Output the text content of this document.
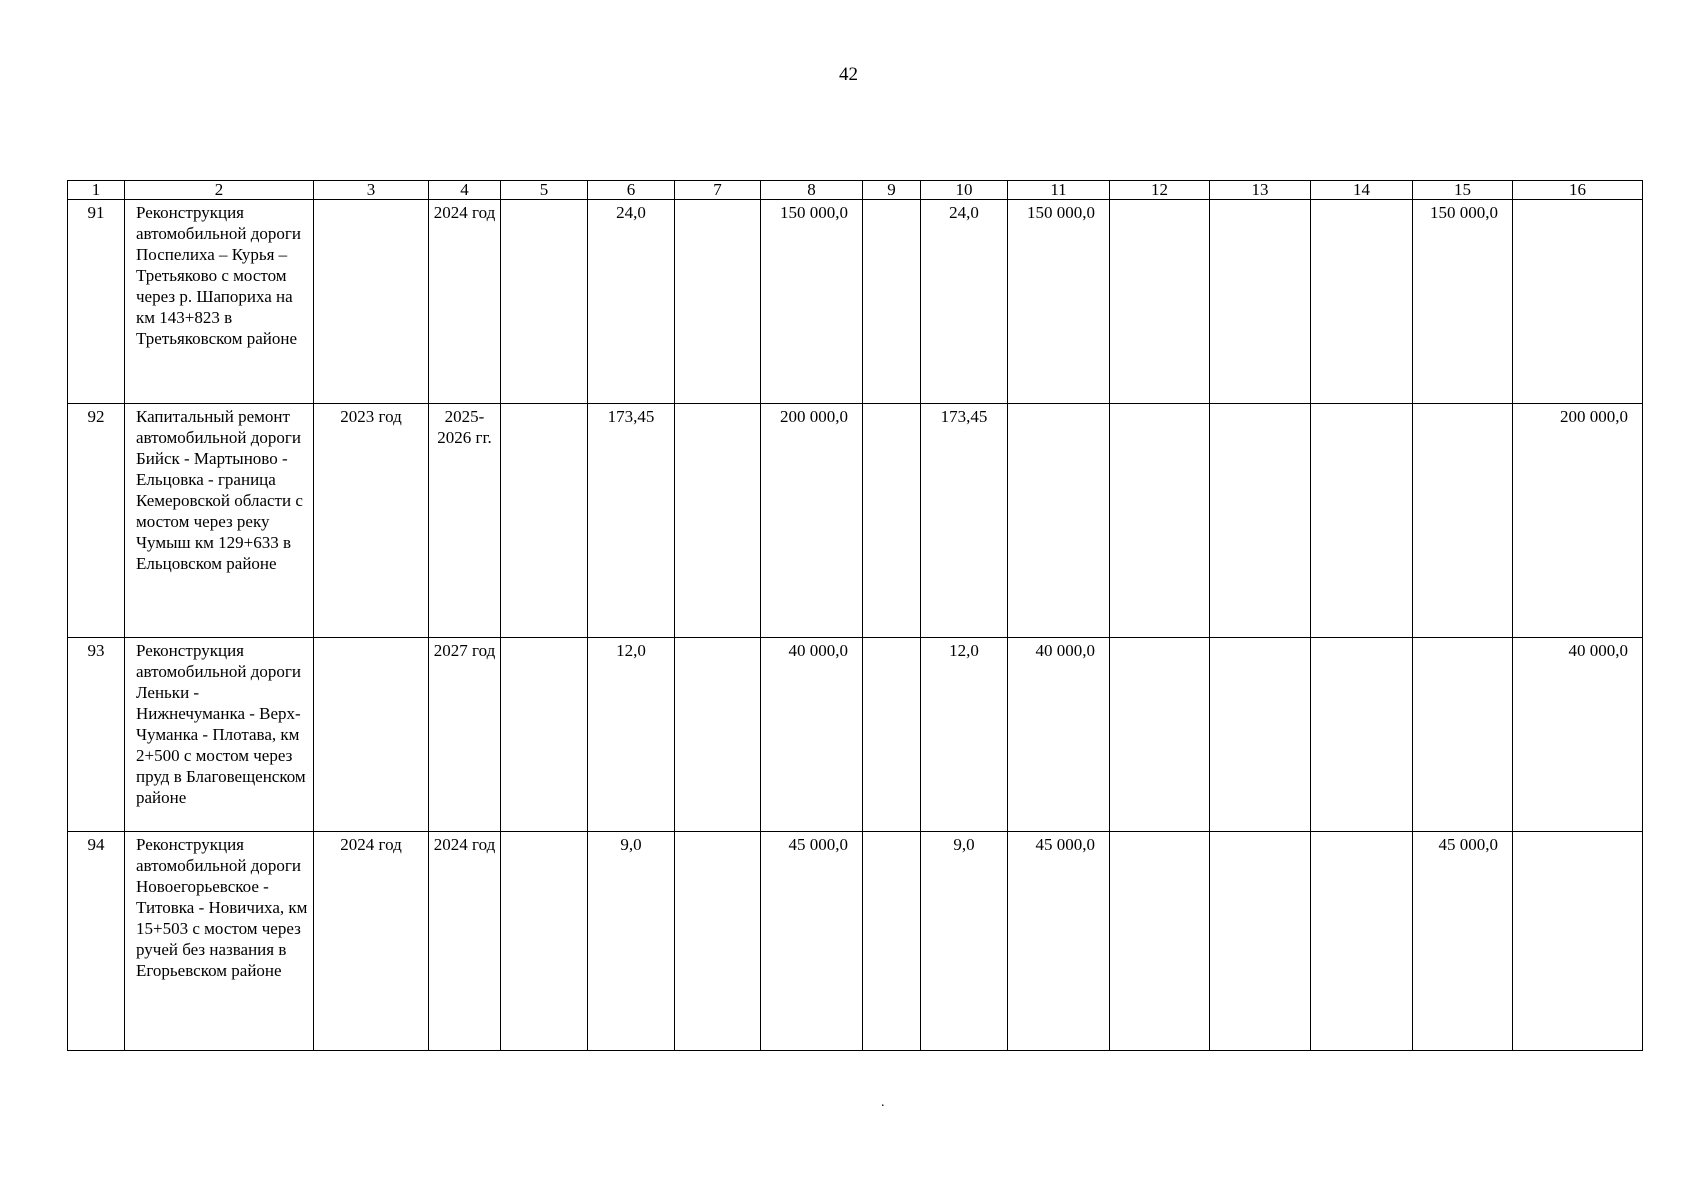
42
1	2	3	4	5	6	7	8	9	10	11	12	13	14	15	16
91	Реконструкция автомобильной дороги Поспелиха – Курья – Третьяково с мостом через р. Шапориха на км 143+823 в Третьяковском районе		2024 год		24,0		150 000,0		24,0	150 000,0				150 000,0	
92	Капитальный ремонт автомобильной дороги Бийск - Мартыново - Ельцовка - граница Кемеровской области с мостом через реку Чумыш км 129+633 в Ельцовском районе	2023 год	2025-2026 гг.		173,45		200 000,0		173,45						200 000,0
93	Реконструкция автомобильной дороги Леньки - Нижнечуманка - Верх-Чуманка - Плотава, км 2+500 с мостом через пруд в Благовещенском районе		2027 год		12,0		40 000,0		12,0	40 000,0					40 000,0
94	Реконструкция автомобильной дороги Новоегорьевское - Титовка - Новичиха, км 15+503 с мостом через ручей без названия в Егорьевском районе	2024 год	2024 год		9,0		45 000,0		9,0	45 000,0				45 000,0	
.
